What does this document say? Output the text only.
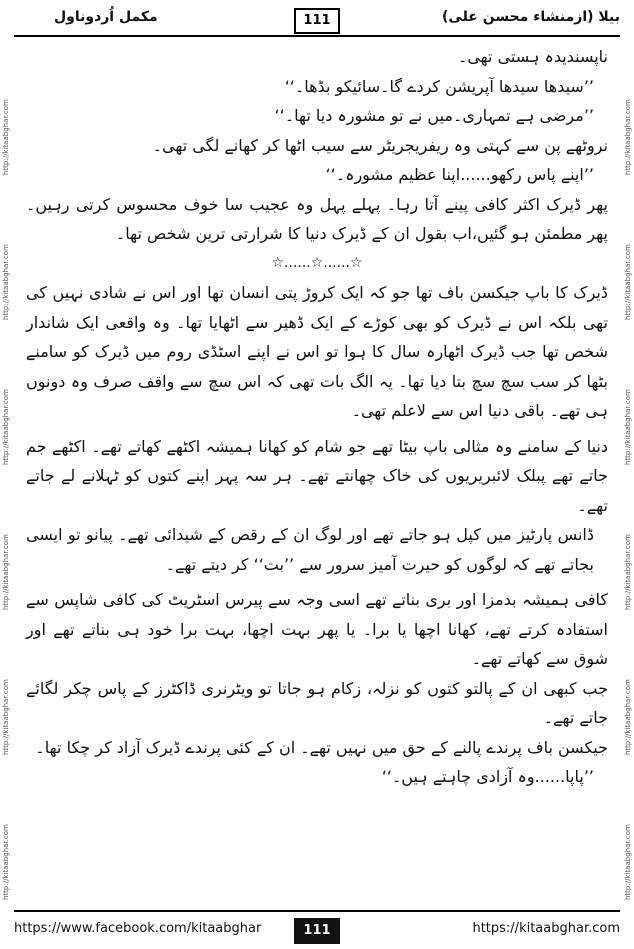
مکمل اُردوناول	111	بیلا (ازمنشاء محسن علی)
http://kitaabghar.com
http://kitaabghar.com
http://kitaabghar.com
http://kitaabghar.com
http://kitaabghar.com
http://kitaabghar.com
http://kitaabghar.com
http://kitaabghar.com
http://kitaabghar.com
http://kitaabghar.com
http://kitaabghar.com
http://kitaabghar.com

ناپسندیدہ ہستی تھی۔

’’سیدھا سیدھا آپریشن کردے گا۔سائیکو بڈھا۔‘‘

’’مرضی ہے تمہاری۔میں نے تو مشورہ دیا تھا۔‘‘

نروٹھے پن سے کہتی وہ ریفریجریٹر سے سیب اٹھا کر کھانے لگی تھی۔

’’اپنے پاس رکھو......اپنا عظیم مشورہ۔‘‘

پھر ڈیرک اکثر کافی پینے آتا رہا۔ پہلے پہل وہ عجیب سا خوف محسوس کرتی رہیں۔ پھر مطمئن ہو گئیں،اب بقول ان کے ڈیرک دنیا کا شرارتی ترین شخص تھا۔

☆......☆......☆

ڈیرک کا باپ جیکسن باف تھا جو کہ ایک کروڑ پتی انسان تھا اور اس نے شادی نہیں کی تھی بلکہ اس نے ڈیرک کو بھی کوڑے کے ایک ڈھیر سے اٹھایا تھا۔ وہ واقعی ایک شاندار شخص تھا جب ڈیرک اٹھارہ سال کا ہوا تو اس نے اپنے اسٹڈی روم میں ڈیرک کو سامنے بٹھا کر سب سچ سچ بتا دیا تھا۔ یہ الگ بات تھی کہ اس سچ سے واقف صرف وہ دونوں ہی تھے۔ باقی دنیا اس سے لاعلم تھی۔

دنیا کے سامنے وہ مثالی باپ بیٹا تھے جو شام کو کھانا ہمیشہ اکٹھے کھاتے تھے۔ اکٹھے جم جاتے تھے پبلک لائبریریوں کی خاک چھانتے تھے۔ ہر سہ پہر اپنے کتوں کو ٹہلانے لے جاتے تھے۔

ڈانس پارٹیز میں کپل ہو جاتے تھے اور لوگ ان کے رقص کے شیدائی تھے۔ پیانو تو ایسی بجاتے تھے کہ لوگوں کو حیرت آمیز سرور سے ’’بت‘‘ کر دیتے تھے۔

کافی ہمیشہ بدمزا اور بری بناتے تھے اسی وجہ سے پیرس اسٹریٹ کی کافی شاپس سے استفادہ کرتے تھے، کھانا اچھا یا برا۔ یا پھر بہت اچھا، بہت برا خود ہی بناتے تھے اور شوق سے کھاتے تھے۔

جب کبھی ان کے پالتو کتوں کو نزلہ، زکام ہو جاتا تو ویٹرنری ڈاکٹرز کے پاس چکر لگائے جاتے تھے۔

جیکسن باف پرندے پالنے کے حق میں نہیں تھے۔ ان کے کئی پرندے ڈیرک آزاد کر چکا تھا۔

’’پاپا......وہ آزادی چاہتے ہیں۔‘‘

https://www.facebook.com/kitaabghar	111	https://kitaabghar.com
